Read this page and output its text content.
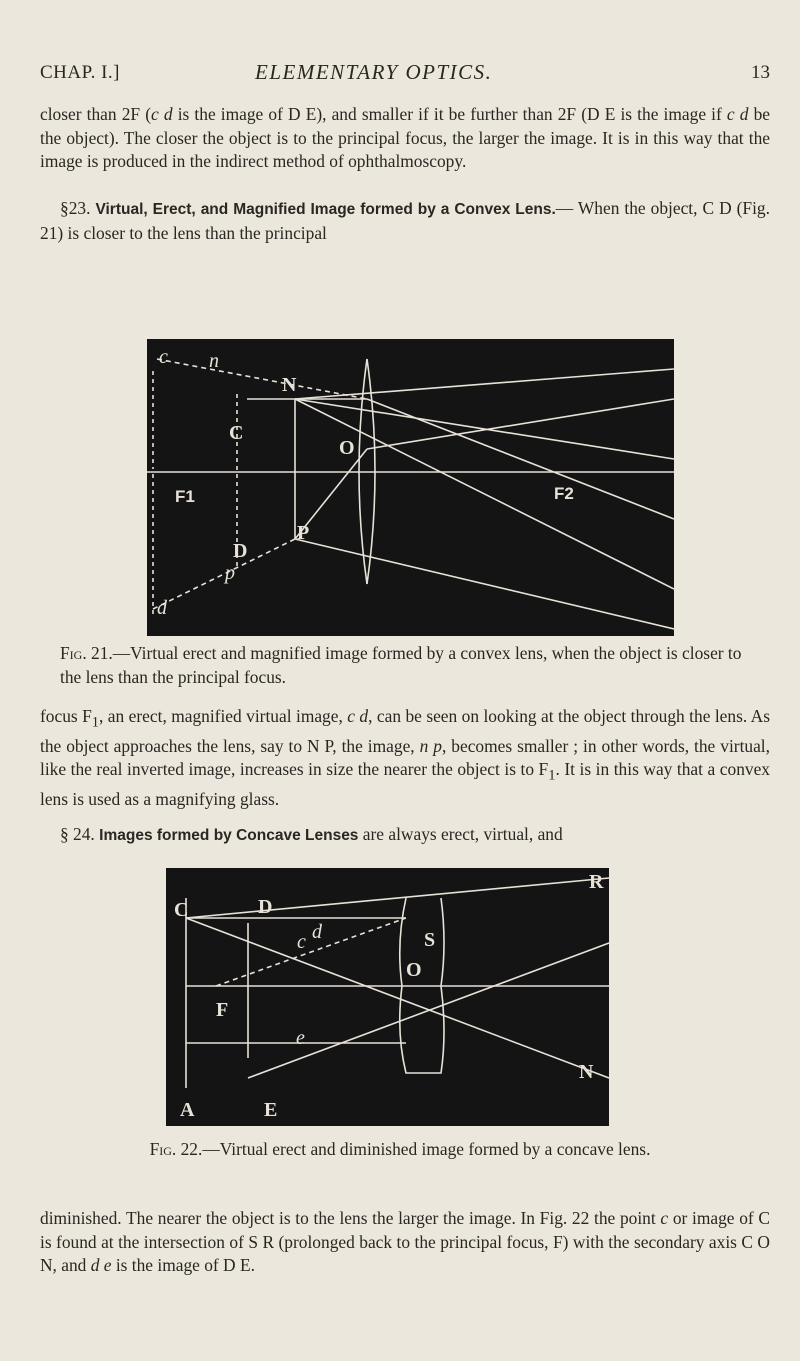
CHAP. I.]	ELEMENTARY OPTICS.	13

closer than 2F (c d is the image of D E), and smaller if it be further than 2F (D E is the image if c d be the object). The closer the object is to the principal focus, the larger the image. It is in this way that the image is produced in the indirect method of ophthalmoscopy.

§23. Virtual, Erect, and Magnified Image formed by a Convex Lens.— When the object, C D (Fig. 21) is closer to the lens than the principal

c n
N
C
O
F1	F2
D
P
p
d

Fig. 21.—Virtual erect and magnified image formed by a convex lens, when the object is closer to the lens than the principal focus.

focus $F_1$, an erect, magnified virtual image, c d, can be seen on looking at the object through the lens. As the object approaches the lens, say to N P, the image, n p, becomes smaller ; in other words, the virtual, like the real inverted image, increases in size the nearer the object is to $F_1$. It is in this way that a convex lens is used as a magnifying glass.

§ 24. Images formed by Concave Lenses are always erect, virtual, and

C	D
R
d
c	S
O
F
N
e
A	E

Fig. 22.—Virtual erect and diminished image formed by a concave lens.

diminished. The nearer the object is to the lens the larger the image. In Fig. 22 the point c or image of C is found at the intersection of S R (prolonged back to the principal focus, F) with the secondary axis C O N, and d e is the image of D E.
